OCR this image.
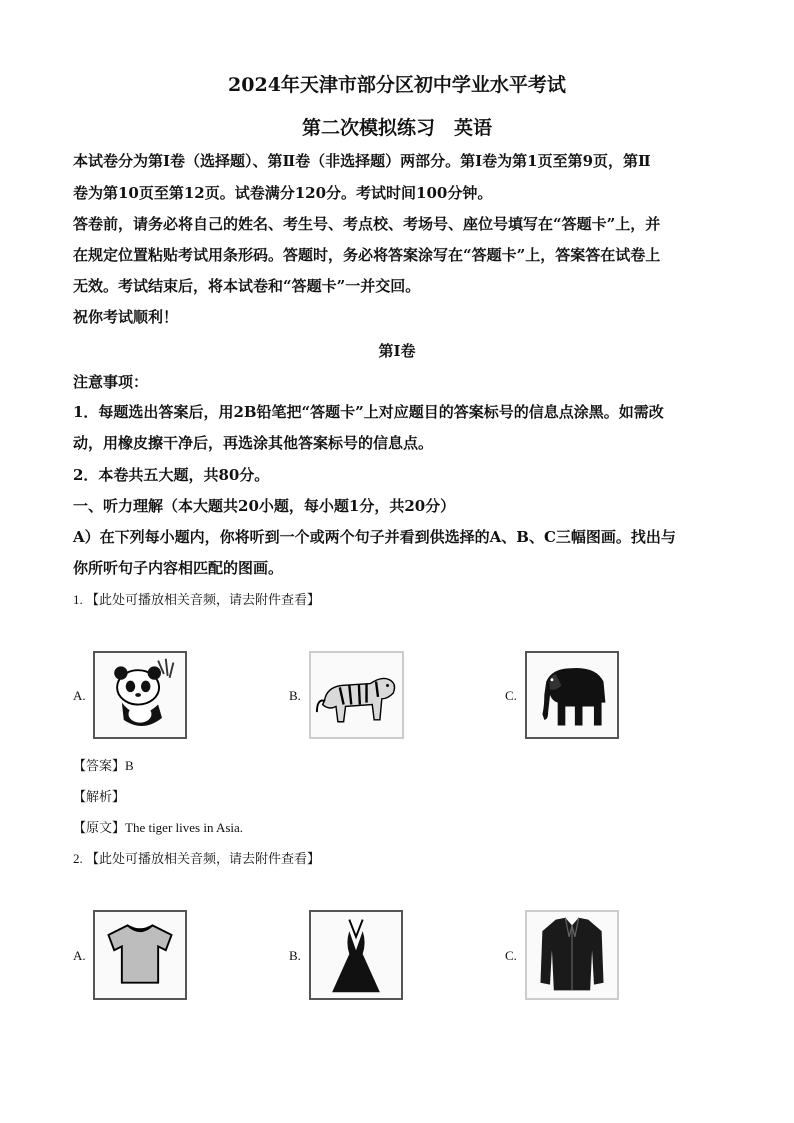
2024年天津市部分区初中学业水平考试
第二次模拟练习　英语
本试卷分为第Ⅰ卷（选择题）、第Ⅱ卷（非选择题）两部分。第Ⅰ卷为第1页至第9页，第Ⅱ
卷为第10页至第12页。试卷满分120分。考试时间100分钟。
答卷前，请务必将自己的姓名、考生号、考点校、考场号、座位号填写在“答题卡”上，并
在规定位置粘贴考试用条形码。答题时，务必将答案涂写在“答题卡”上，答案答在试卷上
无效。考试结束后，将本试卷和“答题卡”一并交回。
祝你考试顺利！
第Ⅰ卷
注意事项：
1．每题选出答案后，用2B铅笔把“答题卡”上对应题目的答案标号的信息点涂黑。如需改
动，用橡皮擦干净后，再选涂其他答案标号的信息点。
2．本卷共五大题，共80分。
一、听力理解（本大题共20小题，每小题1分，共20分）
A）在下列每小题内，你将听到一个或两个句子并看到供选择的A、B、C三幅图画。找出与
你所听句子内容相匹配的图画。
1. 【此处可播放相关音频，请去附件查看】
A.	B.	C.
【答案】B
【解析】
【原文】The tiger lives in Asia.
2. 【此处可播放相关音频，请去附件查看】
A.	B.	C.
